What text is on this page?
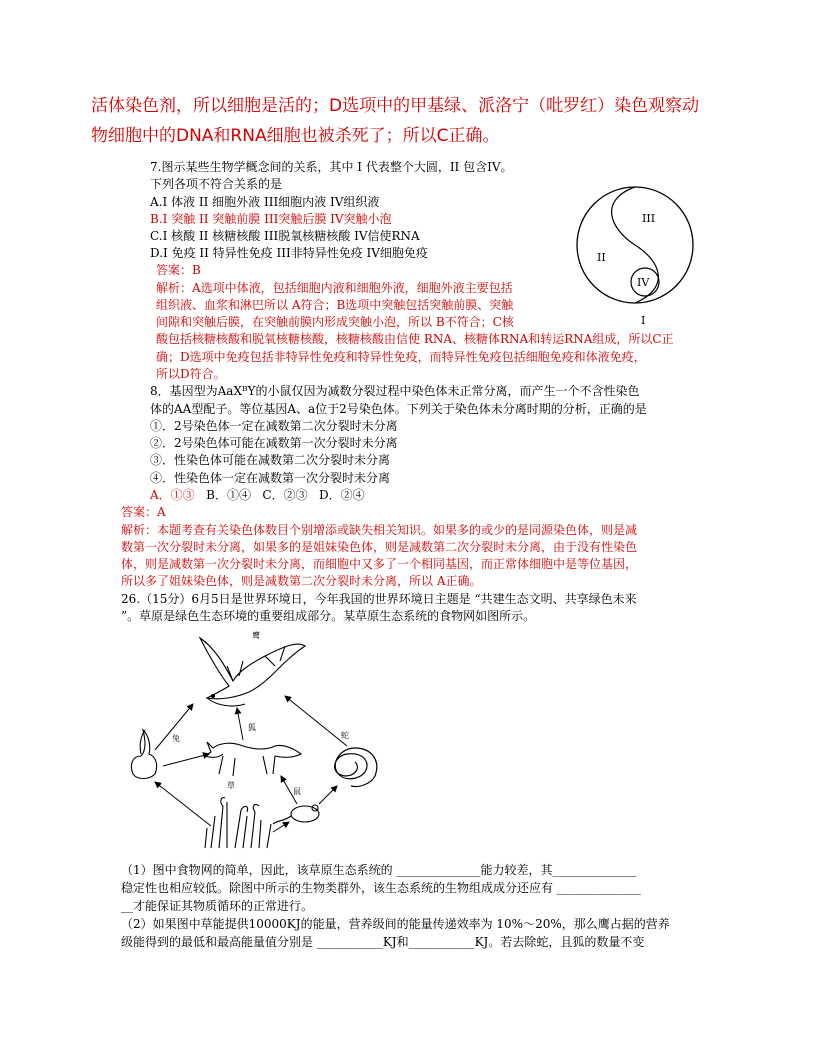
活体染色剂，所以细胞是活的；D选项中的甲基绿、派洛宁（吡罗红）染色观察动
物细胞中的DNA和RNA细胞也被杀死了；所以C正确。
7.图示某些生物学概念间的关系，其中 I 代表整个大圆，II 包含IV。
下列各项不符合关系的是
A.I 体液 II 细胞外液 III细胞内液 IV组织液
B.I 突触 II 突触前膜 III突触后膜 IV突触小泡
C.I 核酸 II 核糖核酸 III脱氧核糖核酸 IV信使RNA
D.I 免疫 II 特异性免疫 III非特异性免疫 IV细胞免疫
答案：B
解析：A选项中体液，包括细胞内液和细胞外液，细胞外液主要包括
组织液、血浆和淋巴所以 A符合；B选项中突触包括突触前膜、突触
间隙和突触后膜，在突触前膜内形成突触小泡，所以 B不符合；C核
酸包括核糖核酸和脱氧核糖核酸，核糖核酸由信使 RNA、核糖体RNA和转运RNA组成，所以C正
确；D选项中免疫包括非特异性免疫和特异性免疫，而特异性免疫包括细胞免疫和体液免疫，
所以D符合。
III
II
IV
I
8．基因型为AaXᴮY的小鼠仅因为减数分裂过程中染色体未正常分离，而产生一个不含性染色
体的AA型配子。等位基因A、a位于2号染色体。下列关于染色体未分离时期的分析，正确的是
①．2号染色体一定在减数第二次分裂时未分离
②．2号染色体可能在减数第一次分裂时未分离
③．性染色体可能在减数第二次分裂时未分离
④．性染色体一定在减数第一次分裂时未分离
A．①③ B．①④ C．②③ D．②④
答案：A
解析：本题考查有关染色体数目个别增添或缺失相关知识。如果多的或少的是同源染色体，则是减
数第一次分裂时未分离，如果多的是姐妹染色体，则是减数第二次分裂时未分离，由于没有性染色
体，则是减数第一次分裂时未分离，而细胞中又多了一个相同基因，而正常体细胞中是等位基因，
所以多了姐妹染色体，则是减数第二次分裂时未分离，所以 A正确。
26.（15分）6月5日是世界环境日，今年我国的世界环境日主题是 “共建生态文明、共享绿色未来
”。草原是绿色生态环境的重要组成部分。某草原生态系统的食物网如图所示。
鹰
狐
兔	蛇
鼠
草
（1）图中食物网的简单，因此，该草原生态系统的 ______________能力较差，其______________
稳定性也相应较低。除图中所示的生物类群外，该生态系统的生物组成成分还应有 ______________
__才能保证其物质循环的正常进行。
（2）如果图中草能提供10000KJ的能量，营养级间的能量传递效率为 10%～20%，那么鹰占据的营养
级能得到的最低和最高能量值分别是 ___________KJ和___________KJ。若去除蛇，且狐的数量不变
